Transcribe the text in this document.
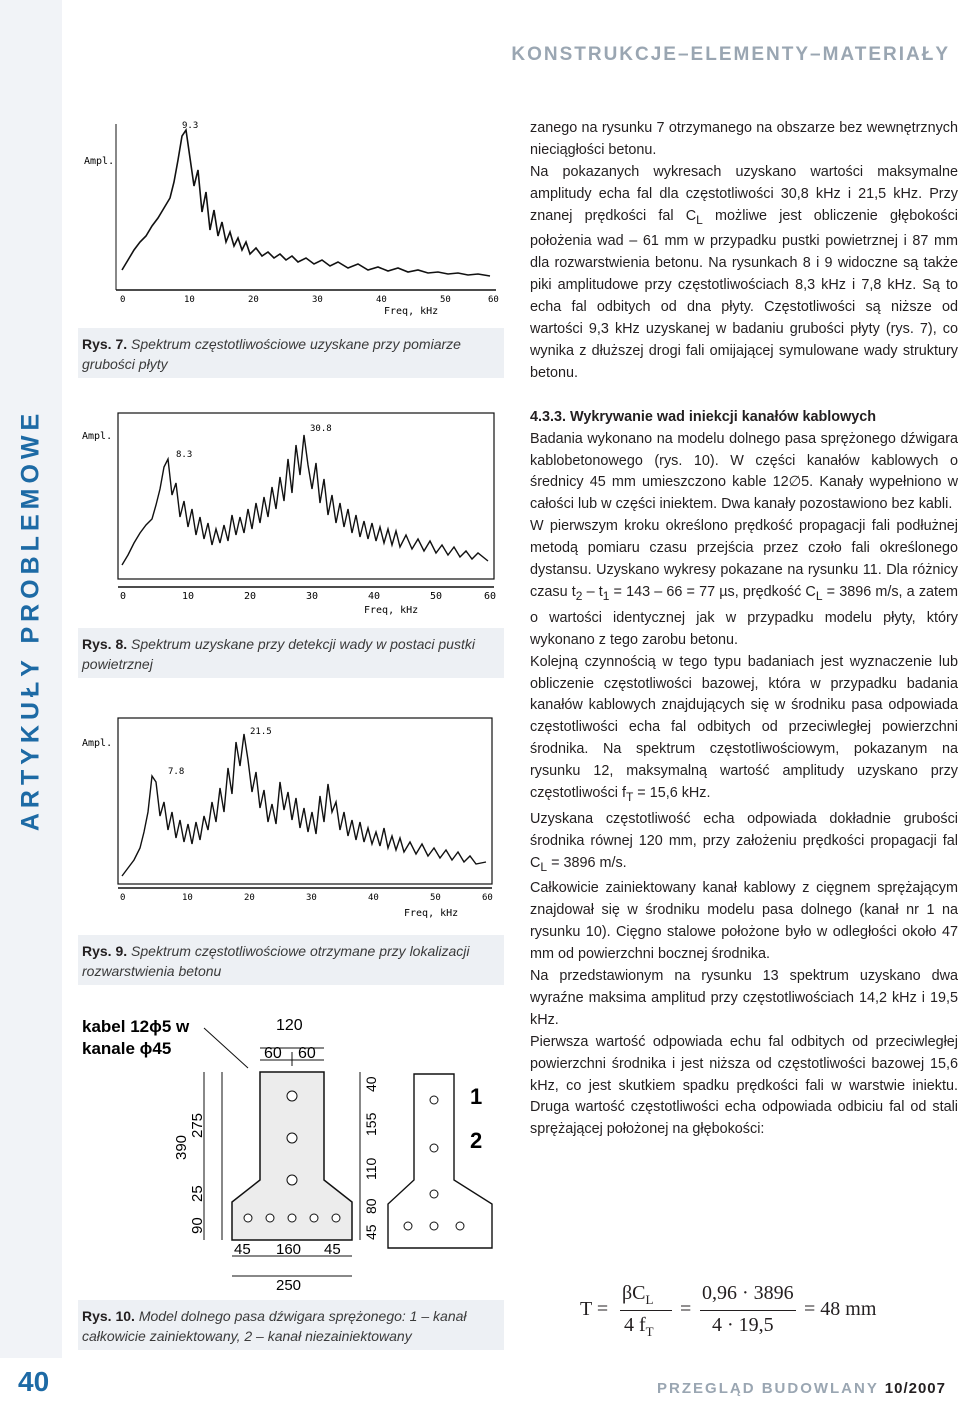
ARTYKUŁY PROBLEMOWE
KONSTRUKCJE–ELEMENTY–MATERIAŁY
Ampl.
9.3
0	10	20	30	40	50	60
Freq, kHz
Rys. 7. Spektrum częstotliwościowe uzyskane przy pomiarze grubości płyty
Ampl.
8.3
30.8
0	10	20	30	40	50	60
Freq, kHz
Rys. 8. Spektrum uzyskane przy detekcji wady w postaci pustki powietrznej
Ampl.
7.8
21.5
0	10	20	30	40	50	60
Freq, kHz
Rys. 9. Spektrum częstotliwościowe otrzymane przy lokalizacji rozwarstwienia betonu
kabel 12ϕ5 w
kanale ϕ45
120
60 60
390
275
90
25
40
155
110
80
45
45 160 45
250
1
2
Rys. 10. Model dolnego pasa dźwigara sprężonego: 1 – kanał całkowicie zainiektowany, 2 – kanał niezainiektowany

zanego na rysunku 7 otrzymanego na obszarze bez wewnętrznych nieciągłości betonu.

Na pokazanych wykresach uzyskano wartości maksymalne amplitudy echa fal dla częstotliwości 30,8 kHz i 21,5 kHz. Przy znanej prędkości fal $C_L$ możliwe jest obliczenie głębokości położenia wad – 61 mm w przypadku pustki powietrznej i 87 mm dla rozwarstwienia betonu. Na rysunkach 8 i 9 widoczne są także piki amplitudowe przy częstotliwościach 8,3 kHz i 7,8 kHz. Są to echa fal odbitych od dna płyty. Częstotliwości są niższe od wartości 9,3 kHz uzyskanej w badaniu grubości płyty (rys. 7), co wynika z dłuższej drogi fali omijającej symulowane wady struktury betonu.

4.3.3. Wykrywanie wad iniekcji kanałów kablowych

Badania wykonano na modelu dolnego pasa sprężonego dźwigara kablobetonowego (rys. 10). W części kanałów kablowych o średnicy 45 mm umieszczono kable 12∅5. Kanały wypełniono w całości lub w części iniektem. Dwa kanały pozostawiono bez kabli.

W pierwszym kroku określono prędkość propagacji fali podłużnej metodą pomiaru czasu przejścia przez czoło fali określonego dystansu. Uzyskano wykresy pokazane na rysunku 11. Dla różnicy czasu $t_2 - t_1 = 143 - 66 = 77$ µs, prędkość $C_L = 3896$ m/s, a zatem o wartości identycznej jak w przypadku modelu płyty, który wykonano z tego zarobu betonu.

Kolejną czynnością w tego typu badaniach jest wyznaczenie lub obliczenie częstotliwości bazowej, która w przypadku badania kanałów kablowych znajdujących się w środniku pasa odpowiada częstotliwości echa fal odbitych od przeciwległej powierzchni środnika. Na spektrum częstotliwościowym, pokazanym na rysunku 12, maksymalną wartość amplitudy uzyskano przy częstotliwości $f_T = 15,6$ kHz.

Uzyskana częstotliwość echa odpowiada dokładnie grubości środnika równej 120 mm, przy założeniu prędkości propagacji fal $C_L = 3896$ m/s.

Całkowicie zainiektowany kanał kablowy z cięgnem sprężającym znajdował się w środniku modelu pasa dolnego (kanał nr 1 na rysunku 10). Cięgno stalowe położone było w odległości około 47 mm od powierzchni bocznej środnika.

Na przedstawionym na rysunku 13 spektrum uzyskano dwa wyraźne maksima amplitud przy częstotliwościach 14,2 kHz i 19,5 kHz.

Pierwsza wartość odpowiada echu fal odbitych od przeciwległej powierzchni środnika i jest niższa od częstotliwości bazowej 15,6 kHz, co jest skutkiem spadku prędkości fali w warstwie iniektu. Druga wartość częstotliwości echa odpowiada odbiciu fal od stali sprężającej położonej na głębokości:

T =
$\beta C_L$
4 $f_T$
=
0,96 · 3896
4 · 19,5
= 48 mm
40	PRZEGLĄD BUDOWLANY 10/2007
